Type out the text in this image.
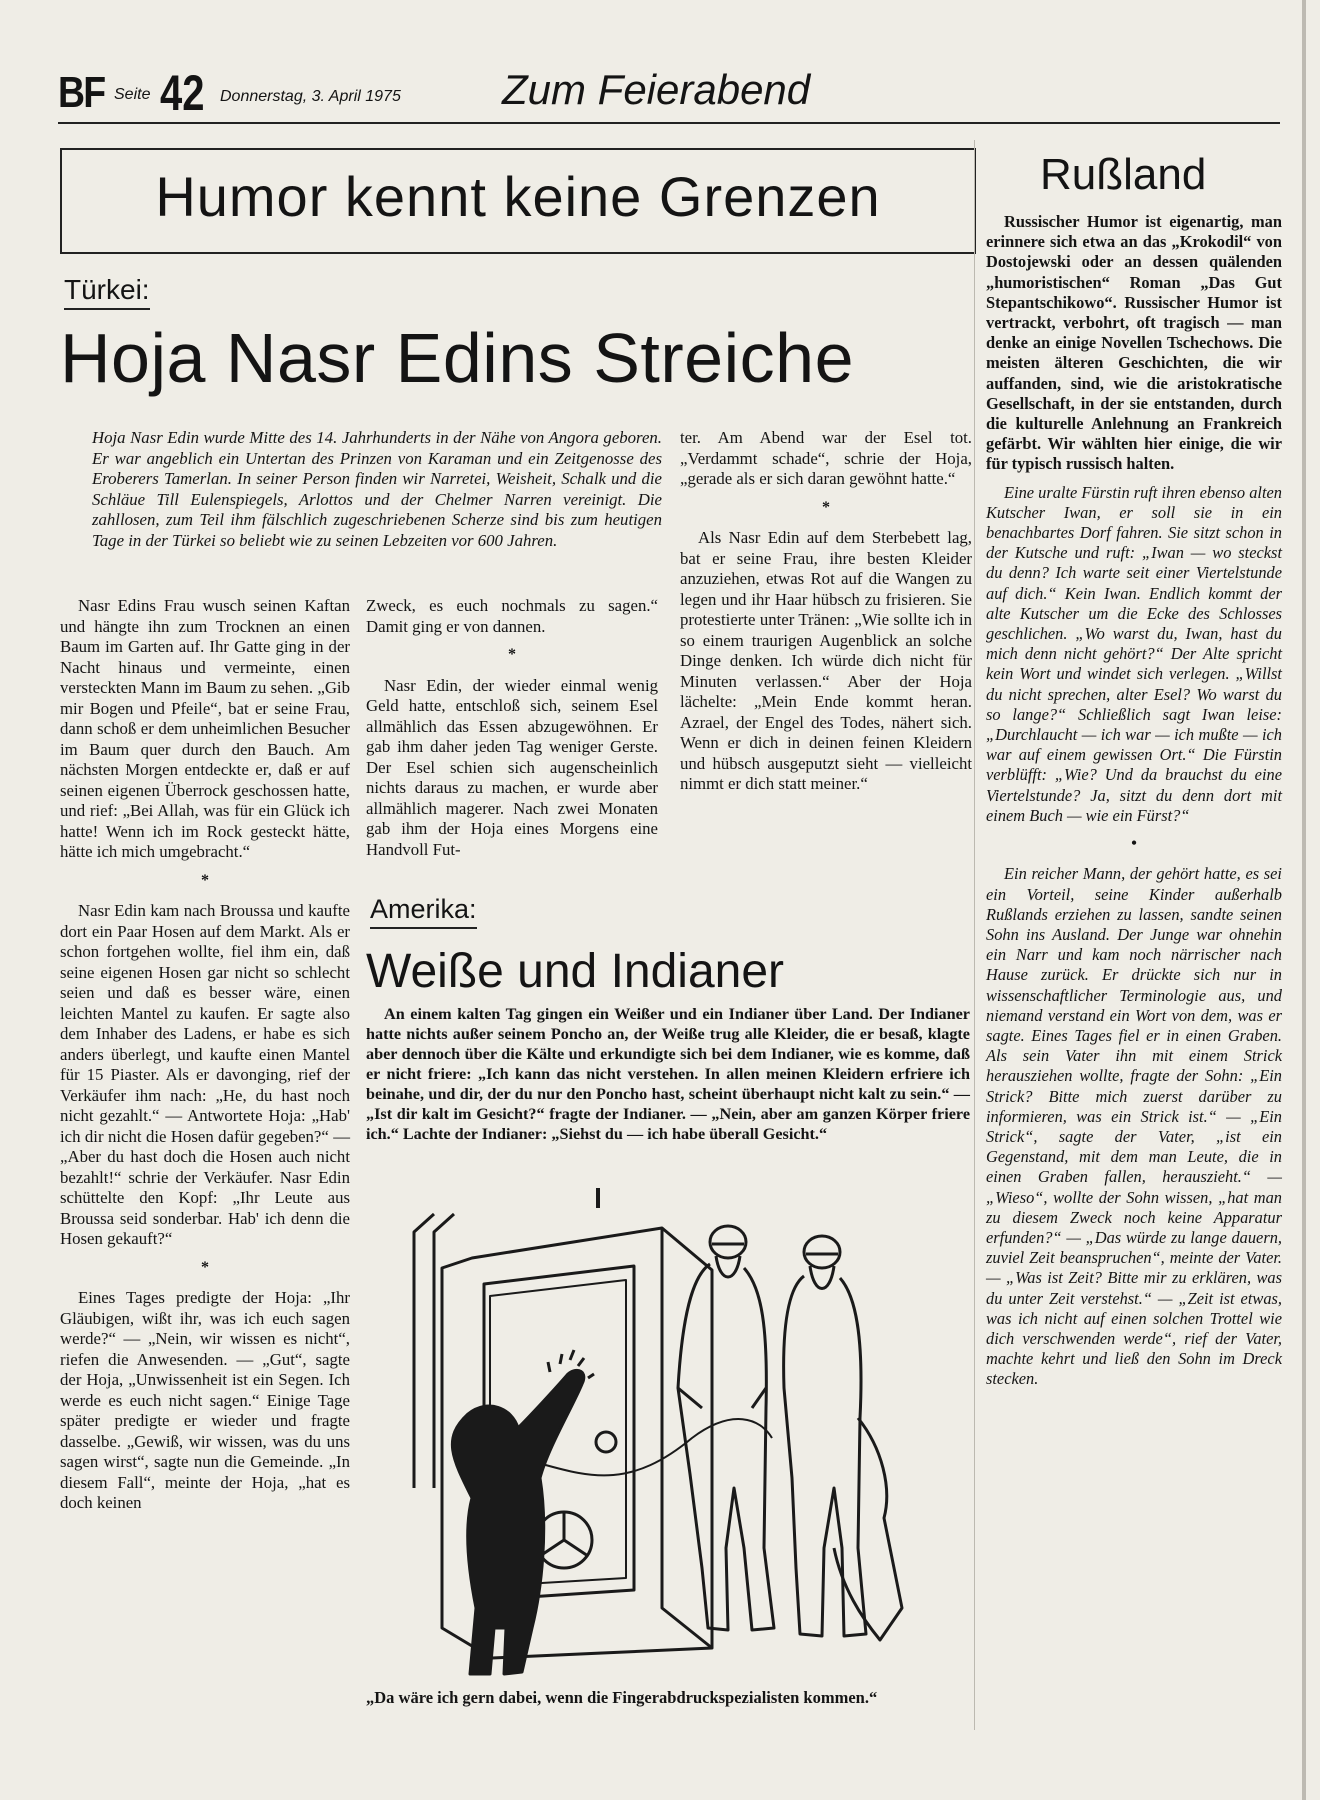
BF Seite 42 Donnerstag, 3. April 1975 Zum Feierabend
Humor kennt keine Grenzen
Türkei:
Hoja Nasr Edins Streiche
Hoja Nasr Edin wurde Mitte des 14. Jahrhunderts in der Nähe von Angora geboren. Er war angeblich ein Untertan des Prinzen von Karaman und ein Zeitgenosse des Eroberers Tamerlan. In seiner Person finden wir Narretei, Weisheit, Schalk und die Schläue Till Eulenspiegels, Arlottos und der Chelmer Narren vereinigt. Die zahllosen, zum Teil ihm fälschlich zugeschriebenen Scherze sind bis zum heutigen Tage in der Türkei so beliebt wie zu seinen Lebzeiten vor 600 Jahren.

Nasr Edins Frau wusch seinen Kaftan und hängte ihn zum Trocknen an einen Baum im Garten auf. Ihr Gatte ging in der Nacht hinaus und vermeinte, einen versteckten Mann im Baum zu sehen. „Gib mir Bogen und Pfeile“, bat er seine Frau, dann schoß er dem unheimlichen Besucher im Baum quer durch den Bauch. Am nächsten Morgen entdeckte er, daß er auf seinen eigenen Überrock geschossen hatte, und rief: „Bei Allah, was für ein Glück ich hatte! Wenn ich im Rock gesteckt hätte, hätte ich mich umgebracht.“

*

Nasr Edin kam nach Broussa und kaufte dort ein Paar Hosen auf dem Markt. Als er schon fortgehen wollte, fiel ihm ein, daß seine eigenen Hosen gar nicht so schlecht seien und daß es besser wäre, einen leichten Mantel zu kaufen. Er sagte also dem Inhaber des Ladens, er habe es sich anders überlegt, und kaufte einen Mantel für 15 Piaster. Als er davonging, rief der Verkäufer ihm nach: „He, du hast noch nicht gezahlt.“ — Antwortete Hoja: „Hab' ich dir nicht die Hosen dafür gegeben?“ — „Aber du hast doch die Hosen auch nicht bezahlt!“ schrie der Verkäufer. Nasr Edin schüttelte den Kopf: „Ihr Leute aus Broussa seid sonderbar. Hab' ich denn die Hosen gekauft?“

*

Eines Tages predigte der Hoja: „Ihr Gläubigen, wißt ihr, was ich euch sagen werde?“ — „Nein, wir wissen es nicht“, riefen die Anwesenden. — „Gut“, sagte der Hoja, „Unwissenheit ist ein Segen. Ich werde es euch nicht sagen.“ Einige Tage später predigte er wieder und fragte dasselbe. „Gewiß, wir wissen, was du uns sagen wirst“, sagte nun die Gemeinde. „In diesem Fall“, meinte der Hoja, „hat es doch keinen

Zweck, es euch nochmals zu sagen.“ Damit ging er von dannen.

*

Nasr Edin, der wieder einmal wenig Geld hatte, entschloß sich, seinem Esel allmählich das Essen abzugewöhnen. Er gab ihm daher jeden Tag weniger Gerste. Der Esel schien sich augenscheinlich nichts daraus zu machen, er wurde aber allmählich magerer. Nach zwei Monaten gab ihm der Hoja eines Morgens eine Handvoll Fut-

ter. Am Abend war der Esel tot. „Verdammt schade“, schrie der Hoja, „gerade als er sich daran gewöhnt hatte.“

*

Als Nasr Edin auf dem Sterbebett lag, bat er seine Frau, ihre besten Kleider anzuziehen, etwas Rot auf die Wangen zu legen und ihr Haar hübsch zu frisieren. Sie protestierte unter Tränen: „Wie sollte ich in so einem traurigen Augenblick an solche Dinge denken. Ich würde dich nicht für Minuten verlassen.“ Aber der Hoja lächelte: „Mein Ende kommt heran. Azrael, der Engel des Todes, nähert sich. Wenn er dich in deinen feinen Kleidern und hübsch ausgeputzt sieht — vielleicht nimmt er dich statt meiner.“

Amerika:
Weiße und Indianer

An einem kalten Tag gingen ein Weißer und ein Indianer über Land. Der Indianer hatte nichts außer seinem Poncho an, der Weiße trug alle Kleider, die er besaß, klagte aber dennoch über die Kälte und erkundigte sich bei dem Indianer, wie es komme, daß er nicht friere: „Ich kann das nicht verstehen. In allen meinen Kleidern erfriere ich beinahe, und dir, der du nur den Poncho hast, scheint überhaupt nicht kalt zu sein.“ — „Ist dir kalt im Gesicht?“ fragte der Indianer. — „Nein, aber am ganzen Körper friere ich.“ Lachte der Indianer: „Siehst du — ich habe überall Gesicht.“

„Da wäre ich gern dabei, wenn die Fingerabdruckspezialisten kommen.“
Rußland

Russischer Humor ist eigenartig, man erinnere sich etwa an das „Krokodil“ von Dostojewski oder an dessen quälenden „humoristischen“ Roman „Das Gut Stepantschikowo“. Russischer Humor ist vertrackt, verbohrt, oft tragisch — man denke an einige Novellen Tschechows. Die meisten älteren Geschichten, die wir auffanden, sind, wie die aristokratische Gesellschaft, in der sie entstanden, durch die kulturelle Anlehnung an Frankreich gefärbt. Wir wählten hier einige, die wir für typisch russisch halten.

Eine uralte Fürstin ruft ihren ebenso alten Kutscher Iwan, er soll sie in ein benachbartes Dorf fahren. Sie sitzt schon in der Kutsche und ruft: „Iwan — wo steckst du denn? Ich warte seit einer Viertelstunde auf dich.“ Kein Iwan. Endlich kommt der alte Kutscher um die Ecke des Schlosses geschlichen. „Wo warst du, Iwan, hast du mich denn nicht gehört?“ Der Alte spricht kein Wort und windet sich verlegen. „Willst du nicht sprechen, alter Esel? Wo warst du so lange?“ Schließlich sagt Iwan leise: „Durchlaucht — ich war — ich mußte — ich war auf einem gewissen Ort.“ Die Fürstin verblüfft: „Wie? Und da brauchst du eine Viertelstunde? Ja, sitzt du denn dort mit einem Buch — wie ein Fürst?“

•

Ein reicher Mann, der gehört hatte, es sei ein Vorteil, seine Kinder außerhalb Rußlands erziehen zu lassen, sandte seinen Sohn ins Ausland. Der Junge war ohnehin ein Narr und kam noch närrischer nach Hause zurück. Er drückte sich nur in wissenschaftlicher Terminologie aus, und niemand verstand ein Wort von dem, was er sagte. Eines Tages fiel er in einen Graben. Als sein Vater ihn mit einem Strick herausziehen wollte, fragte der Sohn: „Ein Strick? Bitte mich zuerst darüber zu informieren, was ein Strick ist.“ — „Ein Strick“, sagte der Vater, „ist ein Gegenstand, mit dem man Leute, die in einen Graben fallen, herauszieht.“ — „Wieso“, wollte der Sohn wissen, „hat man zu diesem Zweck noch keine Apparatur erfunden?“ — „Das würde zu lange dauern, zuviel Zeit beanspruchen“, meinte der Vater. — „Was ist Zeit? Bitte mir zu erklären, was du unter Zeit verstehst.“ — „Zeit ist etwas, was ich nicht auf einen solchen Trottel wie dich verschwenden werde“, rief der Vater, machte kehrt und ließ den Sohn im Dreck stecken.
